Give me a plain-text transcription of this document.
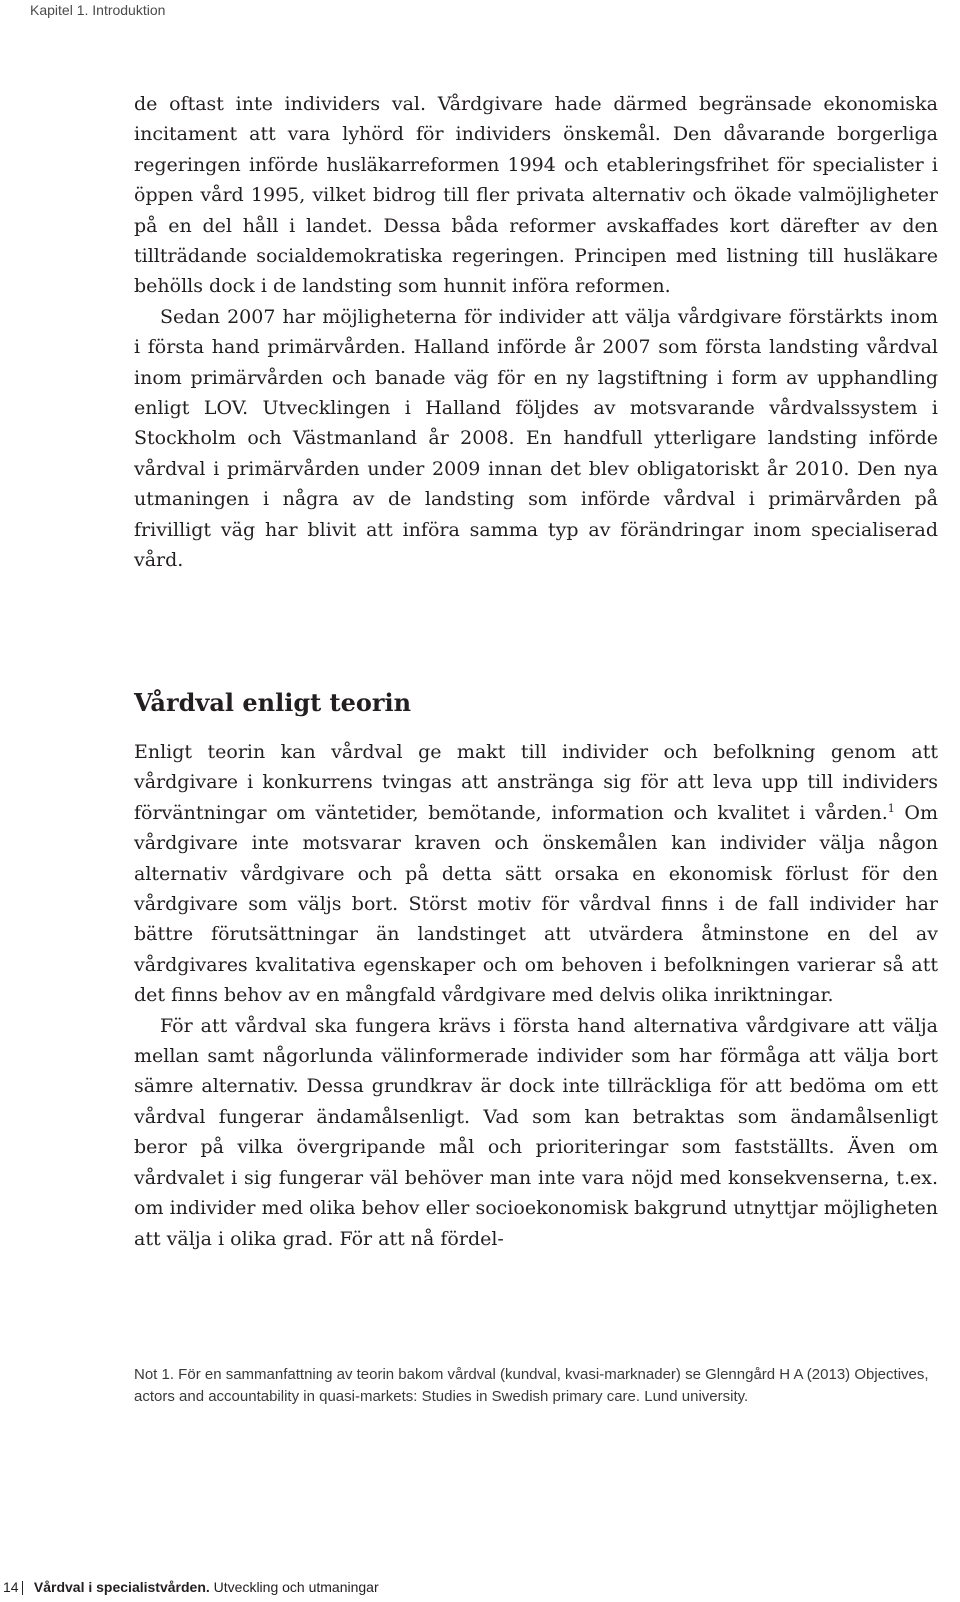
Kapitel 1. Introduktion

de oftast inte individers val. Vårdgivare hade därmed begränsade ekonomiska incitament att vara lyhörd för individers önskemål. Den dåvarande borgerliga regeringen införde husläkarreformen 1994 och etableringsfrihet för specialister i öppen vård 1995, vilket bidrog till fler privata alternativ och ökade valmöjligheter på en del håll i landet. Dessa båda reformer avskaffades kort därefter av den tillträdande socialdemokratiska regeringen. Principen med listning till husläkare behölls dock i de landsting som hunnit införa reformen.

Sedan 2007 har möjligheterna för individer att välja vårdgivare förstärkts inom i första hand primärvården. Halland införde år 2007 som första landsting vårdval inom primärvården och banade väg för en ny lagstiftning i form av upphandling enligt LOV. Utvecklingen i Halland följdes av motsvarande vårdvalssystem i Stockholm och Västmanland år 2008. En handfull ytterligare landsting införde vårdval i primärvården under 2009 innan det blev obligatoriskt år 2010. Den nya utmaningen i några av de landsting som införde vårdval i primärvården på frivilligt väg har blivit att införa samma typ av förändringar inom specialiserad vård.

Vårdval enligt teorin

Enligt teorin kan vårdval ge makt till individer och befolkning genom att vårdgivare i konkurrens tvingas att anstränga sig för att leva upp till individers förväntningar om väntetider, bemötande, information och kvalitet i vården.$^1$ Om vårdgivare inte motsvarar kraven och önskemålen kan individer välja någon alternativ vårdgivare och på detta sätt orsaka en ekonomisk förlust för den vårdgivare som väljs bort. Störst motiv för vårdval finns i de fall individer har bättre förutsättningar än landstinget att utvärdera åtminstone en del av vårdgivares kvalitativa egenskaper och om behoven i befolkningen varierar så att det finns behov av en mångfald vårdgivare med delvis olika inriktningar.

För att vårdval ska fungera krävs i första hand alternativa vårdgivare att välja mellan samt någorlunda välinformerade individer som har förmåga att välja bort sämre alternativ. Dessa grundkrav är dock inte tillräckliga för att bedöma om ett vårdval fungerar ändamålsenligt. Vad som kan betraktas som ändamålsenligt beror på vilka övergripande mål och prioriteringar som fastställts. Även om vårdvalet i sig fungerar väl behöver man inte vara nöjd med konsekvenserna, t.ex. om individer med olika behov eller socioekonomisk bakgrund utnyttjar möjligheten att välja i olika grad. För att nå fördel-

Not 1. För en sammanfattning av teorin bakom vårdval (kundval, kvasi-marknader) se Glenngård H A (2013) Objectives, actors and accountability in quasi-markets: Studies in Swedish primary care. Lund university.
14 Vårdval i specialistvården. Utveckling och utmaningar
